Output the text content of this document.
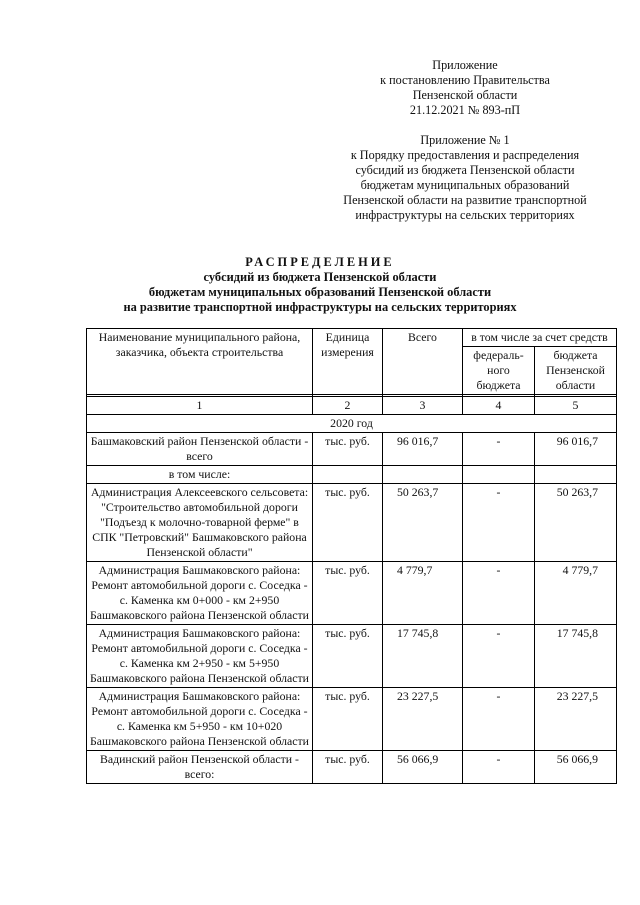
Приложение
к постановлению Правительства
Пензенской области
21.12.2021 № 893-пП
Приложение № 1
к Порядку предоставления и распределения
субсидий из бюджета Пензенской области
бюджетам муниципальных образований
Пензенской области на развитие транспортной
инфраструктуры на сельских территориях
РАСПРЕДЕЛЕНИЕ
субсидий из бюджета Пензенской области
бюджетам муниципальных образований Пензенской области
на развитие транспортной инфраструктуры на сельских территориях
Наименование муниципального района, заказчика, объекта строительства	Единица измерения	Всего	в том числе за счет средств	
			федераль-ного бюджета	бюджета Пензенской области

1	2	3	4	5
2020 год				
Башмаковский район Пензенской области - всего	тыс. руб.	96 016,7	-	96 016,7
в том числе:				
Администрация Алексеевского сельсовета: "Строительство автомобильной дороги "Подъезд к молочно-товарной ферме" в СПК "Петровский" Башмаковского района Пензенской области"	тыс. руб.	50 263,7	-	50 263,7
Администрация Башмаковского района: Ремонт автомобильной дороги с. Соседка - с. Каменка км 0+000 - км 2+950 Башмаковского района Пензенской области	тыс. руб.	4 779,7	-	4 779,7
Администрация Башмаковского района: Ремонт автомобильной дороги с. Соседка - с. Каменка км 2+950 - км 5+950 Башмаковского района Пензенской области	тыс. руб.	17 745,8	-	17 745,8
Администрация Башмаковского района: Ремонт автомобильной дороги с. Соседка - с. Каменка км 5+950 - км 10+020 Башмаковского района Пензенской области	тыс. руб.	23 227,5	-	23 227,5
Вадинский район Пензенской области - всего:	тыс. руб.	56 066,9	-	56 066,9
